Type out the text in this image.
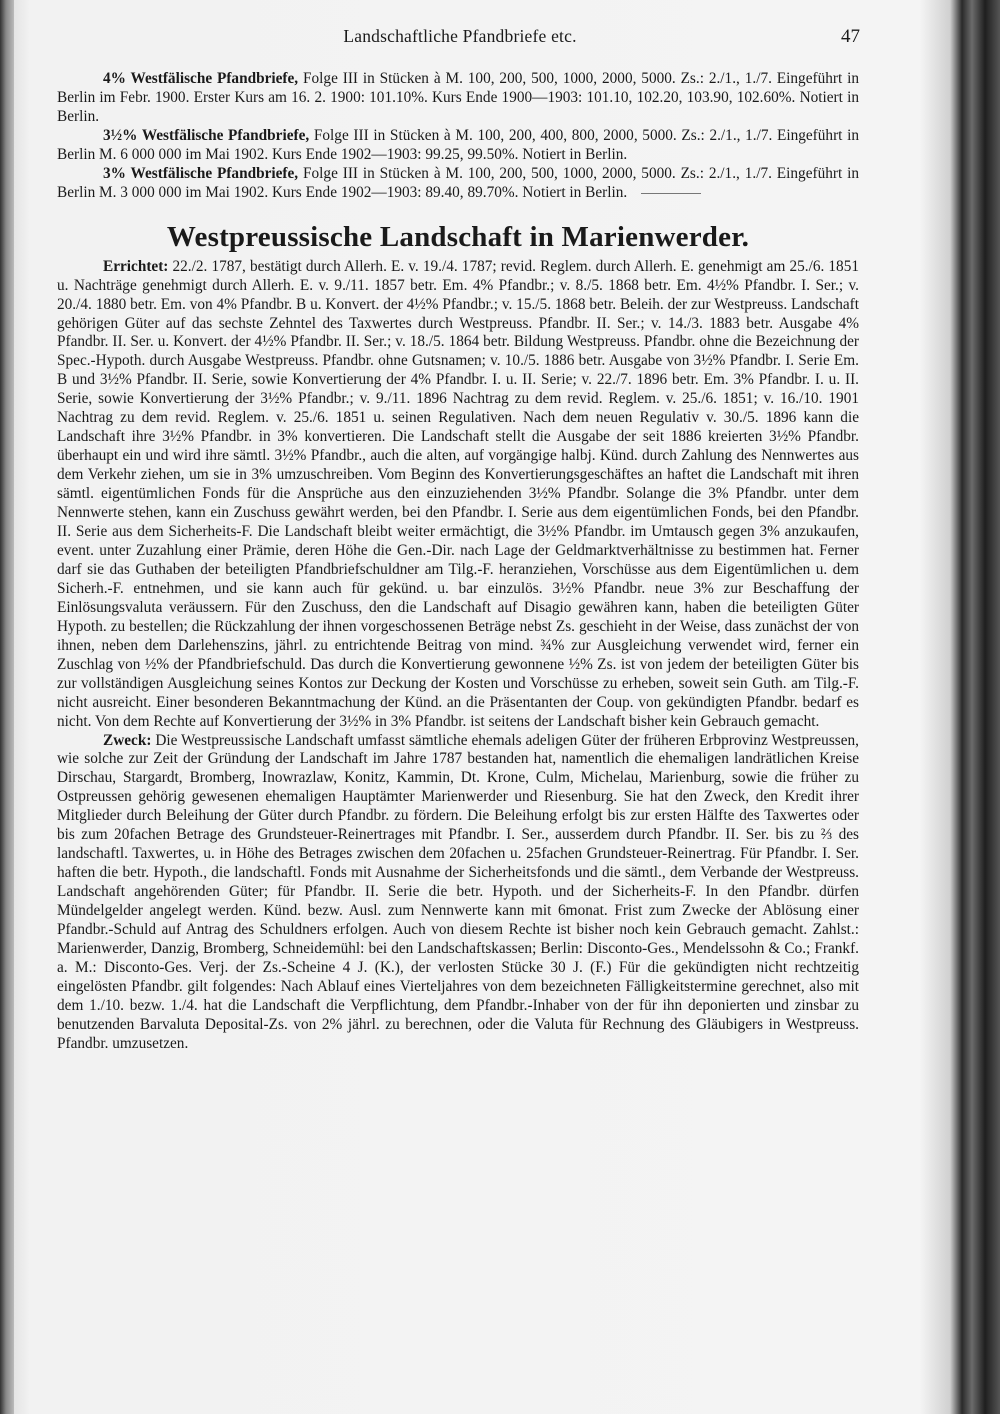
Landschaftliche Pfandbriefe etc.	47

4% Westfälische Pfandbriefe, Folge III in Stücken à M. 100, 200, 500, 1000, 2000, 5000. Zs.: 2./1., 1./7. Eingeführt in Berlin im Febr. 1900. Erster Kurs am 16. 2. 1900: 101.10%. Kurs Ende 1900—1903: 101.10, 102.20, 103.90, 102.60%. Notiert in Berlin.

3½% Westfälische Pfandbriefe, Folge III in Stücken à M. 100, 200, 400, 800, 2000, 5000. Zs.: 2./1., 1./7. Eingeführt in Berlin M. 6 000 000 im Mai 1902. Kurs Ende 1902—1903: 99.25, 99.50%. Notiert in Berlin.

3% Westfälische Pfandbriefe, Folge III in Stücken à M. 100, 200, 500, 1000, 2000, 5000. Zs.: 2./1., 1./7. Eingeführt in Berlin M. 3 000 000 im Mai 1902. Kurs Ende 1902—1903: 89.40, 89.70%. Notiert in Berlin.

Westpreussische Landschaft in Marienwerder.

Errichtet: 22./2. 1787, bestätigt durch Allerh. E. v. 19./4. 1787; revid. Reglem. durch Allerh. E. genehmigt am 25./6. 1851 u. Nachträge genehmigt durch Allerh. E. v. 9./11. 1857 betr. Em. 4% Pfandbr.; v. 8./5. 1868 betr. Em. 4½% Pfandbr. I. Ser.; v. 20./4. 1880 betr. Em. von 4% Pfandbr. B u. Konvert. der 4½% Pfandbr.; v. 15./5. 1868 betr. Beleih. der zur Westpreuss. Landschaft gehörigen Güter auf das sechste Zehntel des Taxwertes durch Westpreuss. Pfandbr. II. Ser.; v. 14./3. 1883 betr. Ausgabe 4% Pfandbr. II. Ser. u. Konvert. der 4½% Pfandbr. II. Ser.; v. 18./5. 1864 betr. Bildung Westpreuss. Pfandbr. ohne die Bezeichnung der Spec.-Hypoth. durch Ausgabe Westpreuss. Pfandbr. ohne Gutsnamen; v. 10./5. 1886 betr. Ausgabe von 3½% Pfandbr. I. Serie Em. B und 3½% Pfandbr. II. Serie, sowie Konvertierung der 4% Pfandbr. I. u. II. Serie; v. 22./7. 1896 betr. Em. 3% Pfandbr. I. u. II. Serie, sowie Konvertierung der 3½% Pfandbr.; v. 9./11. 1896 Nachtrag zu dem revid. Reglem. v. 25./6. 1851; v. 16./10. 1901 Nachtrag zu dem revid. Reglem. v. 25./6. 1851 u. seinen Regulativen. Nach dem neuen Regulativ v. 30./5. 1896 kann die Landschaft ihre 3½% Pfandbr. in 3% konvertieren. Die Landschaft stellt die Ausgabe der seit 1886 kreierten 3½% Pfandbr. überhaupt ein und wird ihre sämtl. 3½% Pfandbr., auch die alten, auf vorgängige halbj. Künd. durch Zahlung des Nennwertes aus dem Verkehr ziehen, um sie in 3% umzuschreiben. Vom Beginn des Konvertierungsgeschäftes an haftet die Landschaft mit ihren sämtl. eigentümlichen Fonds für die Ansprüche aus den einzuziehenden 3½% Pfandbr. Solange die 3% Pfandbr. unter dem Nennwerte stehen, kann ein Zuschuss gewährt werden, bei den Pfandbr. I. Serie aus dem eigentümlichen Fonds, bei den Pfandbr. II. Serie aus dem Sicherheits-F. Die Landschaft bleibt weiter ermächtigt, die 3½% Pfandbr. im Umtausch gegen 3% anzukaufen, event. unter Zuzahlung einer Prämie, deren Höhe die Gen.-Dir. nach Lage der Geldmarktverhältnisse zu bestimmen hat. Ferner darf sie das Guthaben der beteiligten Pfandbriefschuldner am Tilg.-F. heranziehen, Vorschüsse aus dem Eigentümlichen u. dem Sicherh.-F. entnehmen, und sie kann auch für gekünd. u. bar einzulös. 3½% Pfandbr. neue 3% zur Beschaffung der Einlösungsvaluta veräussern. Für den Zuschuss, den die Landschaft auf Disagio gewähren kann, haben die beteiligten Güter Hypoth. zu bestellen; die Rückzahlung der ihnen vorgeschossenen Beträge nebst Zs. geschieht in der Weise, dass zunächst der von ihnen, neben dem Darlehenszins, jährl. zu entrichtende Beitrag von mind. ¾% zur Ausgleichung verwendet wird, ferner ein Zuschlag von ½% der Pfandbriefschuld. Das durch die Konvertierung gewonnene ½% Zs. ist von jedem der beteiligten Güter bis zur vollständigen Ausgleichung seines Kontos zur Deckung der Kosten und Vorschüsse zu erheben, soweit sein Guth. am Tilg.-F. nicht ausreicht. Einer besonderen Bekanntmachung der Künd. an die Präsentanten der Coup. von gekündigten Pfandbr. bedarf es nicht. Von dem Rechte auf Konvertierung der 3½% in 3% Pfandbr. ist seitens der Landschaft bisher kein Gebrauch gemacht.

Zweck: Die Westpreussische Landschaft umfasst sämtliche ehemals adeligen Güter der früheren Erbprovinz Westpreussen, wie solche zur Zeit der Gründung der Landschaft im Jahre 1787 bestanden hat, namentlich die ehemaligen landrätlichen Kreise Dirschau, Stargardt, Bromberg, Inowrazlaw, Konitz, Kammin, Dt. Krone, Culm, Michelau, Marienburg, sowie die früher zu Ostpreussen gehörig gewesenen ehemaligen Hauptämter Marienwerder und Riesenburg. Sie hat den Zweck, den Kredit ihrer Mitglieder durch Beleihung der Güter durch Pfandbr. zu fördern. Die Beleihung erfolgt bis zur ersten Hälfte des Taxwertes oder bis zum 20fachen Betrage des Grundsteuer-Reinertrages mit Pfandbr. I. Ser., ausserdem durch Pfandbr. II. Ser. bis zu ⅔ des landschaftl. Taxwertes, u. in Höhe des Betrages zwischen dem 20fachen u. 25fachen Grundsteuer-Reinertrag. Für Pfandbr. I. Ser. haften die betr. Hypoth., die landschaftl. Fonds mit Ausnahme der Sicherheitsfonds und die sämtl., dem Verbande der Westpreuss. Landschaft angehörenden Güter; für Pfandbr. II. Serie die betr. Hypoth. und der Sicherheits-F. In den Pfandbr. dürfen Mündelgelder angelegt werden. Künd. bezw. Ausl. zum Nennwerte kann mit 6monat. Frist zum Zwecke der Ablösung einer Pfandbr.-Schuld auf Antrag des Schuldners erfolgen. Auch von diesem Rechte ist bisher noch kein Gebrauch gemacht. Zahlst.: Marienwerder, Danzig, Bromberg, Schneidemühl: bei den Landschaftskassen; Berlin: Disconto-Ges., Mendelssohn & Co.; Frankf. a. M.: Disconto-Ges. Verj. der Zs.-Scheine 4 J. (K.), der verlosten Stücke 30 J. (F.) Für die gekündigten nicht rechtzeitig eingelösten Pfandbr. gilt folgendes: Nach Ablauf eines Vierteljahres von dem bezeichneten Fälligkeitstermine gerechnet, also mit dem 1./10. bezw. 1./4. hat die Landschaft die Verpflichtung, dem Pfandbr.-Inhaber von der für ihn deponierten und zinsbar zu benutzenden Barvaluta Deposital-Zs. von 2% jährl. zu berechnen, oder die Valuta für Rechnung des Gläubigers in Westpreuss. Pfandbr. umzusetzen.
